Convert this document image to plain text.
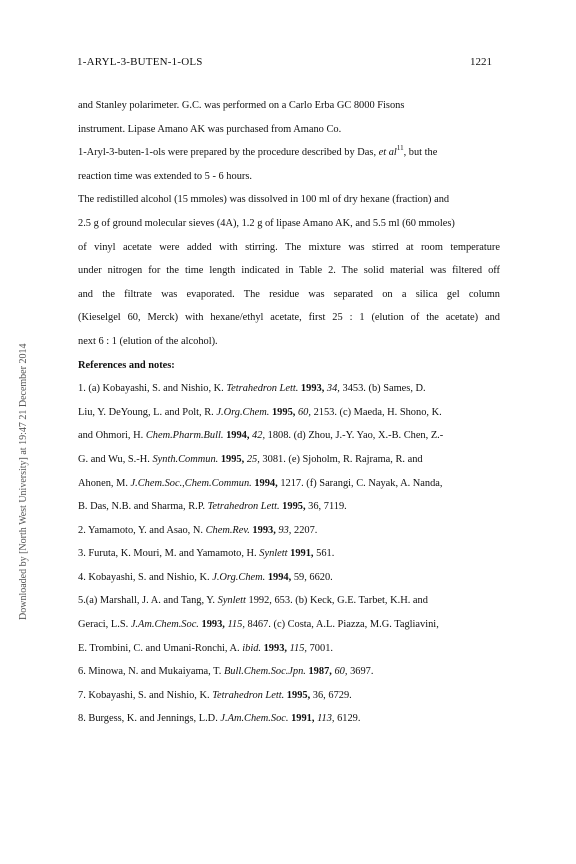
1-ARYL-3-BUTEN-1-OLS	1221
Downloaded by [North West University] at 19:47 21 December 2014

and Stanley polarimeter. G.C. was performed on a Carlo Erba GC 8000 Fisons

instrument. Lipase Amano AK was purchased from Amano Co.

1-Aryl-3-buten-1-ols were prepared by the procedure described by Das, et $al^{11}$, but the

reaction time was extended to 5 - 6 hours.

The redistilled alcohol (15 mmoles) was dissolved in 100 ml of dry hexane (fraction) and

2.5 g of ground molecular sieves (4A), 1.2 g of lipase Amano AK, and 5.5 ml (60 mmoles)

of vinyl acetate were added with stirring. The mixture was stirred at room temperature

under nitrogen for the time length indicated in Table 2. The solid material was filtered off

and the filtrate was evaporated. The residue was separated on a silica gel column

(Kieselgel 60, Merck) with hexane/ethyl acetate, first 25 : 1 (elution of the acetate) and

next 6 : 1 (elution of the alcohol).

References and notes:

1. (a) Kobayashi, S. and Nishio, K. Tetrahedron Lett. 1993, 34, 3453. (b) Sames, D.

Liu, Y. DeYoung, L. and Polt, R. J.Org.Chem. 1995, 60, 2153. (c) Maeda, H. Shono, K.

and Ohmori, H. Chem.Pharm.Bull. 1994, 42, 1808. (d) Zhou, J.-Y. Yao, X.-B. Chen, Z.-

G. and Wu, S.-H. Synth.Commun. 1995, 25, 3081. (e) Sjoholm, R. Rajrama, R. and

Ahonen, M. J.Chem.Soc.,Chem.Commun. 1994, 1217. (f) Sarangi, C. Nayak, A. Nanda,

B. Das, N.B. and Sharma, R.P. Tetrahedron Lett. 1995, 36, 7119.

2. Yamamoto, Y. and Asao, N. Chem.Rev. 1993, 93, 2207.

3. Furuta, K. Mouri, M. and Yamamoto, H. Synlett 1991, 561.

4. Kobayashi, S. and Nishio, K. J.Org.Chem. 1994, 59, 6620.

5.(a) Marshall, J. A. and Tang, Y. Synlett 1992, 653. (b) Keck, G.E. Tarbet, K.H. and

Geraci, L.S. J.Am.Chem.Soc. 1993, 115, 8467. (c) Costa, A.L. Piazza, M.G. Tagliavini,

E. Trombini, C. and Umani-Ronchi, A. ibid. 1993, 115, 7001.

6. Minowa, N. and Mukaiyama, T. Bull.Chem.Soc.Jpn. 1987, 60, 3697.

7. Kobayashi, S. and Nishio, K. Tetrahedron Lett. 1995, 36, 6729.

8. Burgess, K. and Jennings, L.D. J.Am.Chem.Soc. 1991, 113, 6129.
